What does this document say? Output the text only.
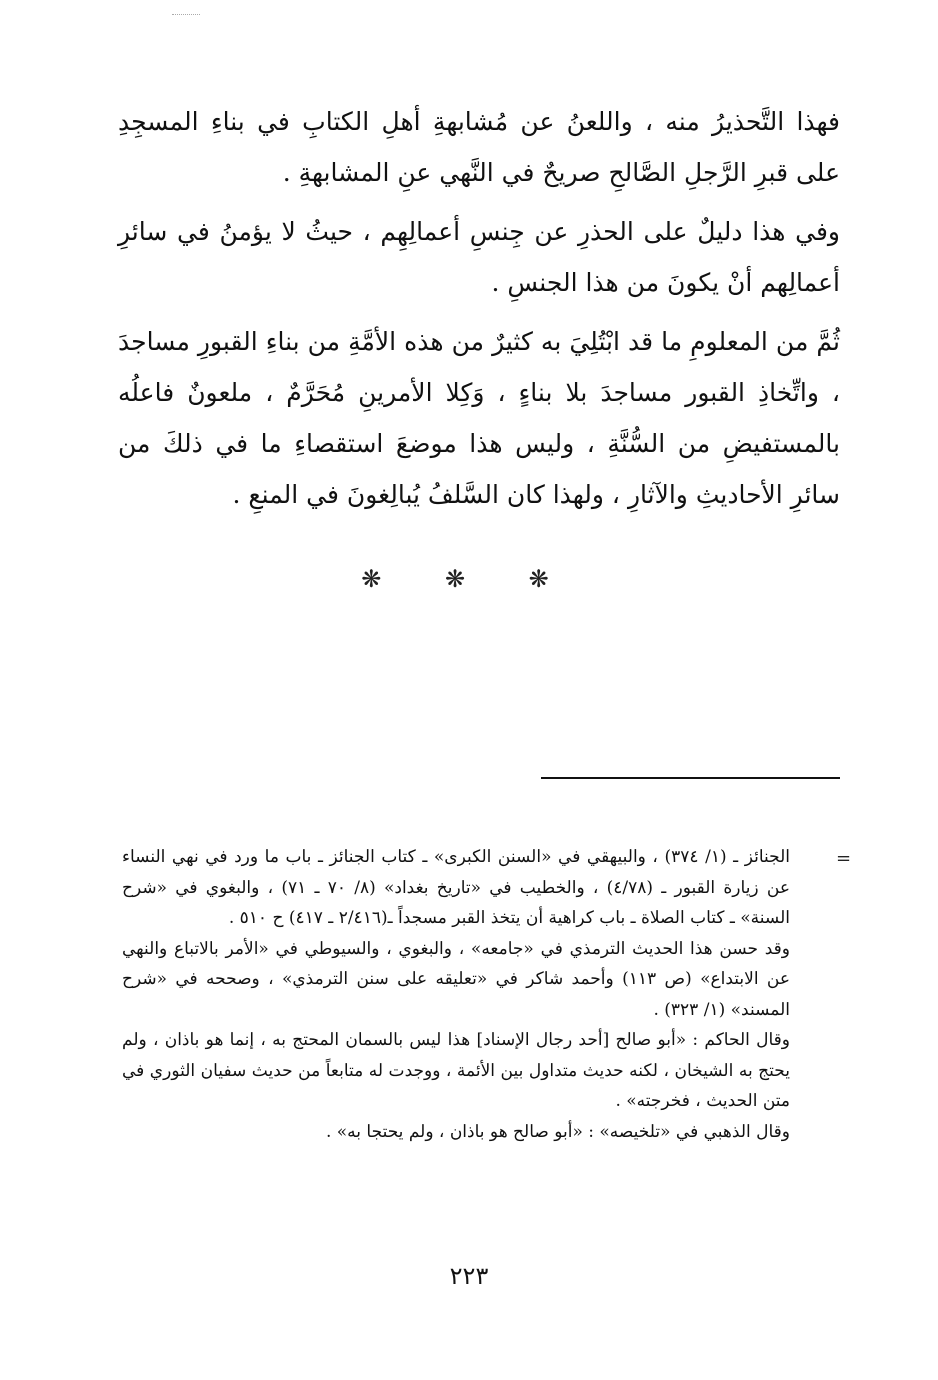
فهذا التَّحذيرُ منه ، واللعنُ عن مُشابهةِ أهلِ الكتابِ في بناءِ المسجِدِ على قبرِ الرَّجلِ الصَّالحِ صريحٌ في النَّهي عنِ المشابهةِ .

وفي هذا دليلٌ على الحذرِ عن جِنسِ أعمالِهِم ، حيثُ لا يؤمنُ في سائرِ أعمالِهم أنْ يكونَ من هذا الجنسِ .

ثُمَّ من المعلومِ ما قد ابْتُلِيَ به كثيرٌ من هذه الأمَّةِ من بناءِ القبورِ مساجدَ ، واتِّخاذِ القبور مساجدَ بلا بناءٍ ، وَكِلا الأمرينِ مُحَرَّمٌ ، ملعونٌ فاعلُه بالمستفيضِ من السُّنَّةِ ، وليس هذا موضعَ استقصاءِ ما في ذلكَ من سائرِ الأحاديثِ والآثارِ ، ولهذا كان السَّلفُ يُبالِغونَ في المنعِ .

❋ ❋ ❋
=

الجنائز ـ (١/ ٣٧٤) ، والبيهقي في «السنن الكبرى» ـ كتاب الجنائز ـ باب ما ورد في نهي النساء عن زيارة القبور ـ (٤/٧٨) ، والخطيب في «تاريخ بغداد» (٨/ ٧٠ ـ ٧١) ، والبغوي في «شرح السنة» ـ كتاب الصلاة ـ باب كراهية أن يتخذ القبر مسجداً ـ(٢/٤١٦ ـ ٤١٧) ح ٥١٠ .

وقد حسن هذا الحديث الترمذي في «جامعه» ، والبغوي ، والسيوطي في «الأمر بالاتباع والنهي عن الابتداع» (ص ١١٣) وأحمد شاكر في «تعليقه على سنن الترمذي» ، وصححه في «شرح المسند» (١/ ٣٢٣) .

وقال الحاكم : «أبو صالح [أحد رجال الإسناد] هذا ليس بالسمان المحتج به ، إنما هو باذان ، ولم يحتج به الشيخان ، لكنه حديث متداول بين الأئمة ، ووجدت له متابعاً من حديث سفيان الثوري في متن الحديث ، فخرجته» .

وقال الذهبي في «تلخيصه» : «أبو صالح هو باذان ، ولم يحتجا به» .

٢٢٣
